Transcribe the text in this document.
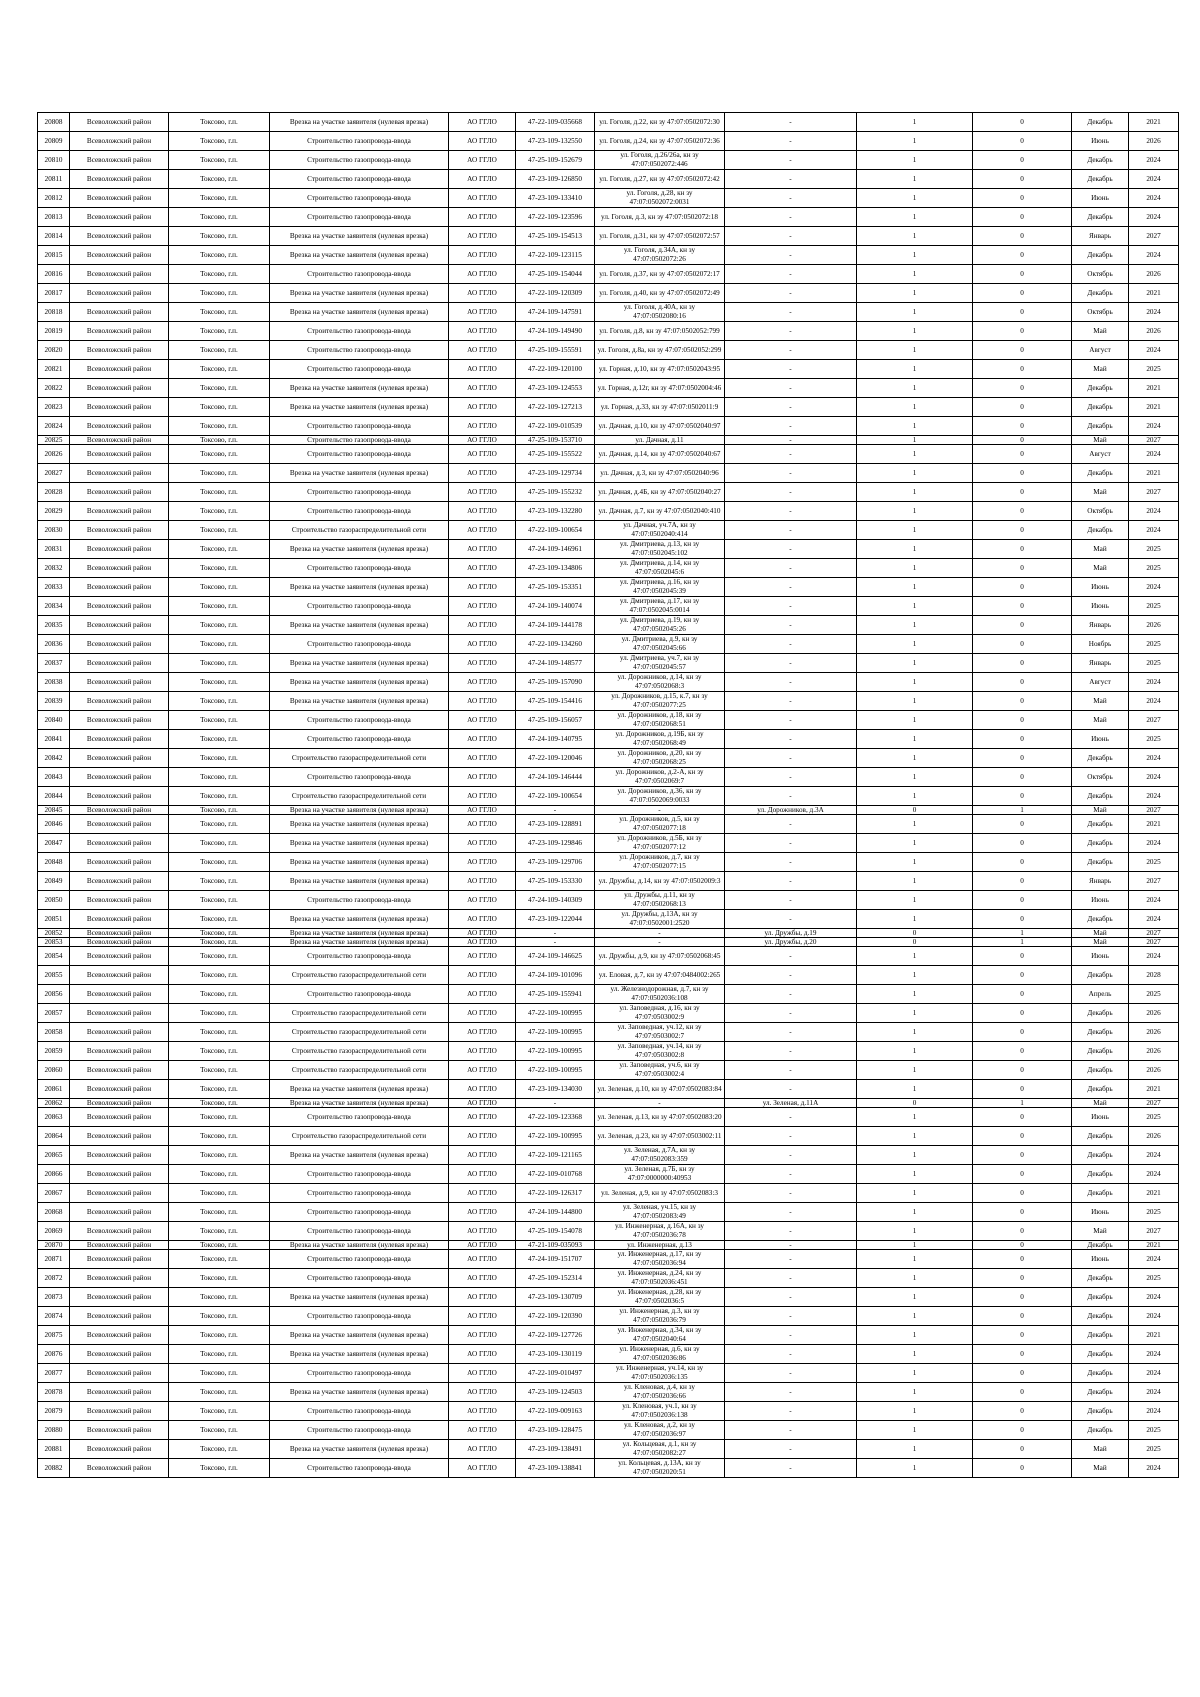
20808	Всеволожский район	Токсово, г.п.	Врезка на участке заявителя (нулевая врезка)	АО ГГЛО	47-22-109-035668	ул. Гоголя, д.22, кн зу 47:07:0502072:30	-	1	0	Декабрь	2021
20809	Всеволожский район	Токсово, г.п.	Строительство газопровода-ввода	АО ГГЛО	47-23-109-132550	ул. Гоголя, д.24, кн зу 47:07:0502072:36	-	1	0	Июнь	2026
20810	Всеволожский район	Токсово, г.п.	Строительство газопровода-ввода	АО ГГЛО	47-25-109-152679	ул. Гоголя, д.26/26а, кн зу 47:07:0502072:446	-	1	0	Декабрь	2024
20811	Всеволожский район	Токсово, г.п.	Строительство газопровода-ввода	АО ГГЛО	47-23-109-126850	ул. Гоголя, д.27, кн зу 47:07:0502072:42	-	1	0	Декабрь	2024
20812	Всеволожский район	Токсово, г.п.	Строительство газопровода-ввода	АО ГГЛО	47-23-109-133410	ул. Гоголя, д.28, кн зу 47:07:0502072:0031	-	1	0	Июнь	2024
20813	Всеволожский район	Токсово, г.п.	Строительство газопровода-ввода	АО ГГЛО	47-22-109-123596	ул. Гоголя, д.3, кн зу 47:07:0502072:18	-	1	0	Декабрь	2024
20814	Всеволожский район	Токсово, г.п.	Врезка на участке заявителя (нулевая врезка)	АО ГГЛО	47-25-109-154513	ул. Гоголя, д.31, кн зу 47:07:0502072:57	-	1	0	Январь	2027
20815	Всеволожский район	Токсово, г.п.	Врезка на участке заявителя (нулевая врезка)	АО ГГЛО	47-22-109-123115	ул. Гоголя, д.34А, кн зу 47:07:0502072:26	-	1	0	Декабрь	2024
20816	Всеволожский район	Токсово, г.п.	Строительство газопровода-ввода	АО ГГЛО	47-25-109-154044	ул. Гоголя, д.37, кн зу 47:07:0502072:17	-	1	0	Октябрь	2026
20817	Всеволожский район	Токсово, г.п.	Врезка на участке заявителя (нулевая врезка)	АО ГГЛО	47-22-109-120309	ул. Гоголя, д.40, кн зу 47:07:0502072:49	-	1	0	Декабрь	2021
20818	Всеволожский район	Токсово, г.п.	Врезка на участке заявителя (нулевая врезка)	АО ГГЛО	47-24-109-147591	ул. Гоголя, д.40А, кн зу 47:07:0502080:16	-	1	0	Октябрь	2024
20819	Всеволожский район	Токсово, г.п.	Строительство газопровода-ввода	АО ГГЛО	47-24-109-149490	ул. Гоголя, д.8, кн зу 47:07:0502052:799	-	1	0	Май	2026
20820	Всеволожский район	Токсово, г.п.	Строительство газопровода-ввода	АО ГГЛО	47-25-109-155591	ул. Гоголя, д.8а, кн зу 47:07:0502052:299	-	1	0	Август	2024
20821	Всеволожский район	Токсово, г.п.	Строительство газопровода-ввода	АО ГГЛО	47-22-109-120100	ул. Горная, д.10, кн зу 47:07:0502043:95	-	1	0	Май	2025
20822	Всеволожский район	Токсово, г.п.	Врезка на участке заявителя (нулевая врезка)	АО ГГЛО	47-23-109-124553	ул. Горная, д.12г, кн зу 47:07:0502004:46	-	1	0	Декабрь	2021
20823	Всеволожский район	Токсово, г.п.	Врезка на участке заявителя (нулевая врезка)	АО ГГЛО	47-22-109-127213	ул. Горная, д.33, кн зу 47:07:0502011:9	-	1	0	Декабрь	2021
20824	Всеволожский район	Токсово, г.п.	Строительство газопровода-ввода	АО ГГЛО	47-22-109-010539	ул. Дачная, д.10, кн зу 47:07:0502040:97	-	1	0	Декабрь	2024
20825	Всеволожский район	Токсово, г.п.	Строительство газопровода-ввода	АО ГГЛО	47-25-109-153710	ул. Дачная, д.11	-	1	0	Май	2027
20826	Всеволожский район	Токсово, г.п.	Строительство газопровода-ввода	АО ГГЛО	47-25-109-155522	ул. Дачная, д.14, кн зу 47:07:0502040:67	-	1	0	Август	2024
20827	Всеволожский район	Токсово, г.п.	Врезка на участке заявителя (нулевая врезка)	АО ГГЛО	47-23-109-129734	ул. Дачная, д.3, кн зу 47:07:0502040:96	-	1	0	Декабрь	2021
20828	Всеволожский район	Токсово, г.п.	Строительство газопровода-ввода	АО ГГЛО	47-25-109-155232	ул. Дачная, д.4Б, кн зу 47:07:0502040:27	-	1	0	Май	2027
20829	Всеволожский район	Токсово, г.п.	Строительство газопровода-ввода	АО ГГЛО	47-23-109-132280	ул. Дачная, д.7, кн зу 47:07:0502040:410	-	1	0	Октябрь	2024
20830	Всеволожский район	Токсово, г.п.	Строительство газораспределительной сети	АО ГГЛО	47-22-109-100654	ул. Дачная, уч.7А, кн зу 47:07:0502040:414	-	1	0	Декабрь	2024
20831	Всеволожский район	Токсово, г.п.	Врезка на участке заявителя (нулевая врезка)	АО ГГЛО	47-24-109-146961	ул. Дмитриева, д.13, кн зу 47:07:0502045:102	-	1	0	Май	2025
20832	Всеволожский район	Токсово, г.п.	Строительство газопровода-ввода	АО ГГЛО	47-23-109-134806	ул. Дмитриева, д.14, кн зу 47:07:0502045:6	-	1	0	Май	2025
20833	Всеволожский район	Токсово, г.п.	Врезка на участке заявителя (нулевая врезка)	АО ГГЛО	47-25-109-153351	ул. Дмитриева, д.16, кн зу 47:07:0502045:39	-	1	0	Июнь	2024
20834	Всеволожский район	Токсово, г.п.	Строительство газопровода-ввода	АО ГГЛО	47-24-109-140074	ул. Дмитриева, д.17, кн зу 47:07:0502045:0014	-	1	0	Июнь	2025
20835	Всеволожский район	Токсово, г.п.	Врезка на участке заявителя (нулевая врезка)	АО ГГЛО	47-24-109-144178	ул. Дмитриева, д.19, кн зу 47:07:0502045:26	-	1	0	Январь	2026
20836	Всеволожский район	Токсово, г.п.	Строительство газопровода-ввода	АО ГГЛО	47-22-109-134260	ул. Дмитриева, д.9, кн зу 47:07:0502045:66	-	1	0	Ноябрь	2025
20837	Всеволожский район	Токсово, г.п.	Врезка на участке заявителя (нулевая врезка)	АО ГГЛО	47-24-109-148577	ул. Дмитриева, уч.7, кн зу 47:07:0502045:57	-	1	0	Январь	2025
20838	Всеволожский район	Токсово, г.п.	Врезка на участке заявителя (нулевая врезка)	АО ГГЛО	47-25-109-157090	ул. Дорожников, д.14, кн зу 47:07:0502068:3	-	1	0	Август	2024
20839	Всеволожский район	Токсово, г.п.	Врезка на участке заявителя (нулевая врезка)	АО ГГЛО	47-25-109-154416	ул. Дорожников, д.15, к.7, кн зу 47:07:0502077:25	-	1	0	Май	2024
20840	Всеволожский район	Токсово, г.п.	Строительство газопровода-ввода	АО ГГЛО	47-25-109-156057	ул. Дорожников, д.18, кн зу 47:07:0502068:51	-	1	0	Май	2027
20841	Всеволожский район	Токсово, г.п.	Строительство газопровода-ввода	АО ГГЛО	47-24-109-140795	ул. Дорожников, д.19Б, кн зу 47:07:0502068:49	-	1	0	Июнь	2025
20842	Всеволожский район	Токсово, г.п.	Строительство газораспределительной сети	АО ГГЛО	47-22-109-120046	ул. Дорожников, д.20, кн зу 47:07:0502068:25	-	1	0	Декабрь	2024
20843	Всеволожский район	Токсово, г.п.	Строительство газопровода-ввода	АО ГГЛО	47-24-109-146444	ул. Дорожников, д.2-А, кн зу 47:07:0502069:7	-	1	0	Октябрь	2024
20844	Всеволожский район	Токсово, г.п.	Строительство газораспределительной сети	АО ГГЛО	47-22-109-100654	ул. Дорожников, д.36, кн зу 47:07:0502069:0033	-	1	0	Декабрь	2024
20845	Всеволожский район	Токсово, г.п.	Врезка на участке заявителя (нулевая врезка)	АО ГГЛО	-	-	ул. Дорожников, д.3А	0	1	Май	2027
20846	Всеволожский район	Токсово, г.п.	Врезка на участке заявителя (нулевая врезка)	АО ГГЛО	47-23-109-128891	ул. Дорожников, д.5, кн зу 47:07:0502077:18	-	1	0	Декабрь	2021
20847	Всеволожский район	Токсово, г.п.	Врезка на участке заявителя (нулевая врезка)	АО ГГЛО	47-23-109-129846	ул. Дорожников, д.5Б, кн зу 47:07:0502077:12	-	1	0	Декабрь	2024
20848	Всеволожский район	Токсово, г.п.	Врезка на участке заявителя (нулевая врезка)	АО ГГЛО	47-23-109-129706	ул. Дорожников, д.7, кн зу 47:07:0502077:15	-	1	0	Декабрь	2025
20849	Всеволожский район	Токсово, г.п.	Врезка на участке заявителя (нулевая врезка)	АО ГГЛО	47-25-109-153330	ул. Дружбы, д.14, кн зу 47:07:0502009:3	-	1	0	Январь	2027
20850	Всеволожский район	Токсово, г.п.	Строительство газопровода-ввода	АО ГГЛО	47-24-109-140309	ул. Дружбы, д.11, кн зу 47:07:0502068:13	-	1	0	Июнь	2024
20851	Всеволожский район	Токсово, г.п.	Врезка на участке заявителя (нулевая врезка)	АО ГГЛО	47-23-109-122044	ул. Дружбы, д.13А, кн зу 47:07:0502001:2520	-	1	0	Декабрь	2024
20852	Всеволожский район	Токсово, г.п.	Врезка на участке заявителя (нулевая врезка)	АО ГГЛО	-	-	ул. Дружбы, д.19	0	1	Май	2027
20853	Всеволожский район	Токсово, г.п.	Врезка на участке заявителя (нулевая врезка)	АО ГГЛО	-	-	ул. Дружбы, д.20	0	1	Май	2027
20854	Всеволожский район	Токсово, г.п.	Строительство газопровода-ввода	АО ГГЛО	47-24-109-146625	ул. Дружбы, д.9, кн зу 47:07:0502068:45	-	1	0	Июнь	2024
20855	Всеволожский район	Токсово, г.п.	Строительство газораспределительной сети	АО ГГЛО	47-24-109-101096	ул. Еловая, д.7, кн зу 47:07:0484002:265	-	1	0	Декабрь	2028
20856	Всеволожский район	Токсово, г.п.	Строительство газопровода-ввода	АО ГГЛО	47-25-109-155941	ул. Железнодорожная, д.7, кн зу 47:07:0502036:108	-	1	0	Апрель	2025
20857	Всеволожский район	Токсово, г.п.	Строительство газораспределительной сети	АО ГГЛО	47-22-109-100995	ул. Заповедная, д.16, кн зу 47:07:0503002:9	-	1	0	Декабрь	2026
20858	Всеволожский район	Токсово, г.п.	Строительство газораспределительной сети	АО ГГЛО	47-22-109-100995	ул. Заповедная, уч.12, кн зу 47:07:0503002:7	-	1	0	Декабрь	2026
20859	Всеволожский район	Токсово, г.п.	Строительство газораспределительной сети	АО ГГЛО	47-22-109-100995	ул. Заповедная, уч.14, кн зу 47:07:0503002:8	-	1	0	Декабрь	2026
20860	Всеволожский район	Токсово, г.п.	Строительство газораспределительной сети	АО ГГЛО	47-22-109-100995	ул. Заповедная, уч.6, кн зу 47:07:0503002:4	-	1	0	Декабрь	2026
20861	Всеволожский район	Токсово, г.п.	Врезка на участке заявителя (нулевая врезка)	АО ГГЛО	47-23-109-134030	ул. Зеленая, д.10, кн зу 47:07:0502083:84	-	1	0	Декабрь	2021
20862	Всеволожский район	Токсово, г.п.	Врезка на участке заявителя (нулевая врезка)	АО ГГЛО	-	-	ул. Зеленая, д.11А	0	1	Май	2027
20863	Всеволожский район	Токсово, г.п.	Строительство газопровода-ввода	АО ГГЛО	47-22-109-123368	ул. Зеленая, д.13, кн зу 47:07:0502083:20	-	1	0	Июнь	2025
20864	Всеволожский район	Токсово, г.п.	Строительство газораспределительной сети	АО ГГЛО	47-22-109-100995	ул. Зеленая, д.23, кн зу 47:07:0503002:11	-	1	0	Декабрь	2026
20865	Всеволожский район	Токсово, г.п.	Врезка на участке заявителя (нулевая врезка)	АО ГГЛО	47-22-109-121165	ул. Зеленая, д.7А, кн зу 47:07:0502083:359	-	1	0	Декабрь	2024
20866	Всеволожский район	Токсово, г.п.	Строительство газопровода-ввода	АО ГГЛО	47-22-109-010768	ул. Зеленая, д.7Б, кн зу 47:07:0000000:40953	-	1	0	Декабрь	2024
20867	Всеволожский район	Токсово, г.п.	Строительство газопровода-ввода	АО ГГЛО	47-22-109-126317	ул. Зеленая, д.9, кн зу 47:07:0502083:3	-	1	0	Декабрь	2021
20868	Всеволожский район	Токсово, г.п.	Строительство газопровода-ввода	АО ГГЛО	47-24-109-144800	ул. Зеленая, уч.15, кн зу 47:07:0502083:49	-	1	0	Июнь	2025
20869	Всеволожский район	Токсово, г.п.	Строительство газопровода-ввода	АО ГГЛО	47-25-109-154078	ул. Инженерная, д.16А, кн зу 47:07:0502036:78	-	1	0	Май	2027
20870	Всеволожский район	Токсово, г.п.	Врезка на участке заявителя (нулевая врезка)	АО ГГЛО	47-21-109-035093	ул. Инженерная, д.13	-	1	0	Декабрь	2021
20871	Всеволожский район	Токсово, г.п.	Строительство газопровода-ввода	АО ГГЛО	47-24-109-151707	ул. Инженерная, д.17, кн зу 47:07:0502036:94	-	1	0	Июнь	2024
20872	Всеволожский район	Токсово, г.п.	Строительство газопровода-ввода	АО ГГЛО	47-25-109-152314	ул. Инженерная, д.24, кн зу 47:07:0502036:451	-	1	0	Декабрь	2025
20873	Всеволожский район	Токсово, г.п.	Врезка на участке заявителя (нулевая врезка)	АО ГГЛО	47-23-109-130709	ул. Инженерная, д.28, кн зу 47:07:0502036:5	-	1	0	Декабрь	2024
20874	Всеволожский район	Токсово, г.п.	Строительство газопровода-ввода	АО ГГЛО	47-22-109-120390	ул. Инженерная, д.3, кн зу 47:07:0502036:79	-	1	0	Декабрь	2024
20875	Всеволожский район	Токсово, г.п.	Врезка на участке заявителя (нулевая врезка)	АО ГГЛО	47-22-109-127726	ул. Инженерная, д.34, кн зу 47:07:0502040:64	-	1	0	Декабрь	2021
20876	Всеволожский район	Токсово, г.п.	Врезка на участке заявителя (нулевая врезка)	АО ГГЛО	47-23-109-130119	ул. Инженерная, д.6, кн зу 47:07:0502036:86	-	1	0	Декабрь	2024
20877	Всеволожский район	Токсово, г.п.	Строительство газопровода-ввода	АО ГГЛО	47-22-109-010497	ул. Инженерная, уч.14, кн зу 47:07:0502036:135	-	1	0	Декабрь	2024
20878	Всеволожский район	Токсово, г.п.	Врезка на участке заявителя (нулевая врезка)	АО ГГЛО	47-23-109-124503	ул. Кленовая, д.4, кн зу 47:07:0502036:66	-	1	0	Декабрь	2024
20879	Всеволожский район	Токсово, г.п.	Строительство газопровода-ввода	АО ГГЛО	47-22-109-009163	ул. Кленовая, уч.1, кн зу 47:07:0502036:138	-	1	0	Декабрь	2024
20880	Всеволожский район	Токсово, г.п.	Строительство газопровода-ввода	АО ГГЛО	47-23-109-128475	ул. Кленовая, д.2, кн зу 47:07:0502036:97	-	1	0	Декабрь	2025
20881	Всеволожский район	Токсово, г.п.	Врезка на участке заявителя (нулевая врезка)	АО ГГЛО	47-23-109-138491	ул. Кольцевая, д.1, кн зу 47:07:0502082:27	-	1	0	Май	2025
20882	Всеволожский район	Токсово, г.п.	Строительство газопровода-ввода	АО ГГЛО	47-23-109-138841	ул. Кольцевая, д.13А, кн зу 47:07:0502020:51	-	1	0	Май	2024
